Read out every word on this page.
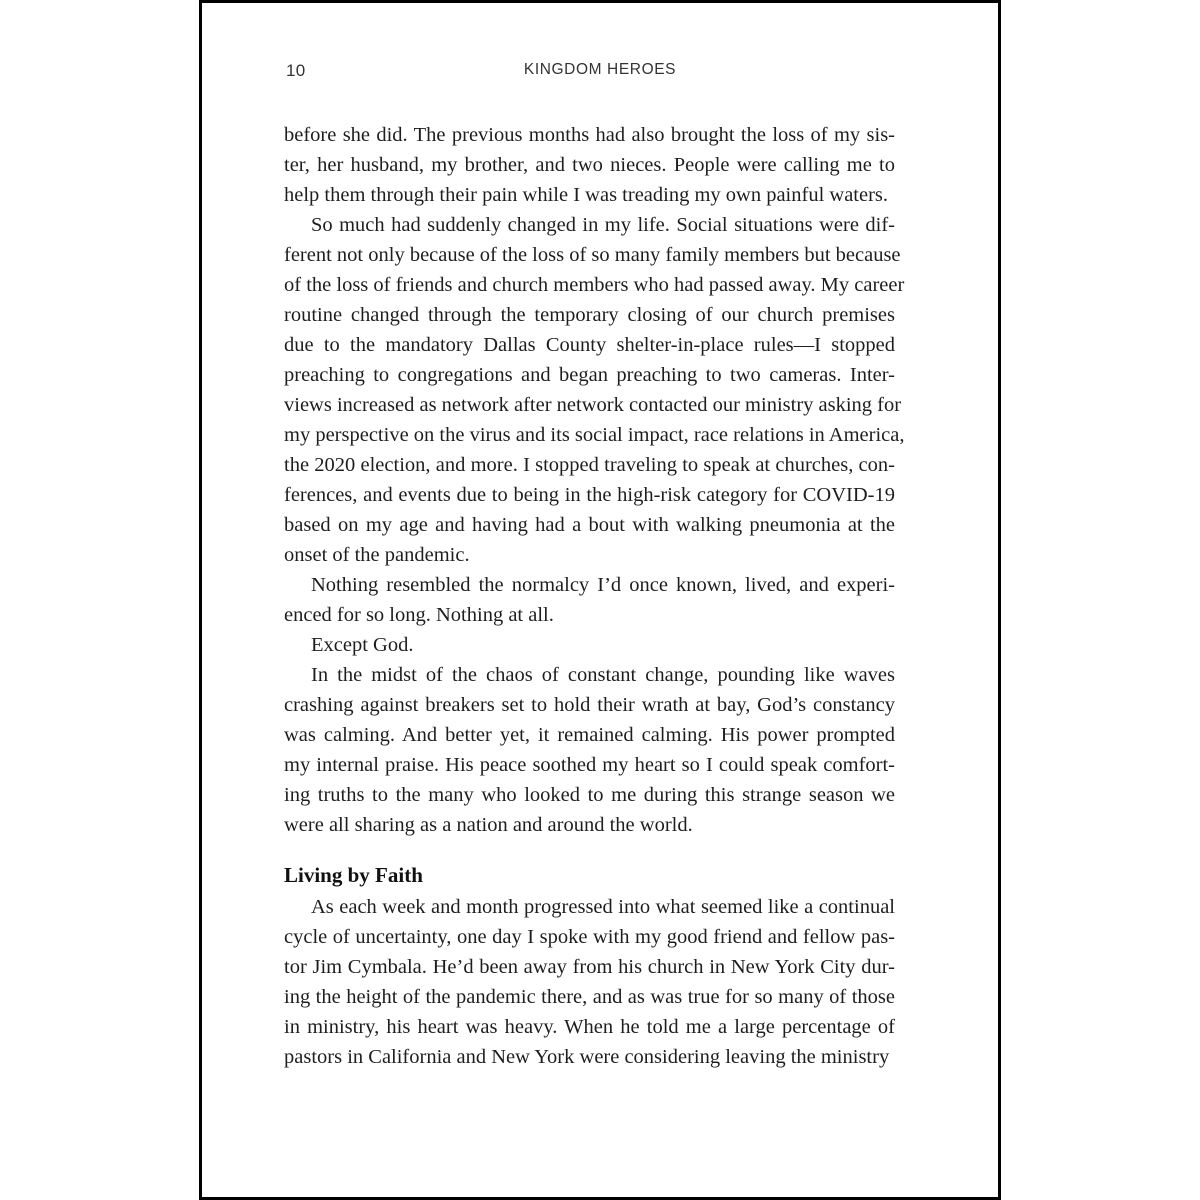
10	KINGDOM HEROES

before she did. The previous months had also brought the loss of my sis-
ter, her husband, my brother, and two nieces. People were calling me to
help them through their pain while I was treading my own painful waters.

So much had suddenly changed in my life. Social situations were dif-
ferent not only because of the loss of so many family members but because
of the loss of friends and church members who had passed away. My career
routine changed through the temporary closing of our church premises
due to the mandatory Dallas County shelter-in-place rules—I stopped
preaching to congregations and began preaching to two cameras. Inter-
views increased as network after network contacted our ministry asking for
my perspective on the virus and its social impact, race relations in America,
the 2020 election, and more. I stopped traveling to speak at churches, con-
ferences, and events due to being in the high-risk category for COVID-19
based on my age and having had a bout with walking pneumonia at the
onset of the pandemic.

Nothing resembled the normalcy I’d once known, lived, and experi-
enced for so long. Nothing at all.

Except God.

In the midst of the chaos of constant change, pounding like waves
crashing against breakers set to hold their wrath at bay, God’s constancy
was calming. And better yet, it remained calming. His power prompted
my internal praise. His peace soothed my heart so I could speak comfort-
ing truths to the many who looked to me during this strange season we
were all sharing as a nation and around the world.

Living by Faith

As each week and month progressed into what seemed like a continual
cycle of uncertainty, one day I spoke with my good friend and fellow pas-
tor Jim Cymbala. He’d been away from his church in New York City dur-
ing the height of the pandemic there, and as was true for so many of those
in ministry, his heart was heavy. When he told me a large percentage of
pastors in California and New York were considering leaving the ministry
